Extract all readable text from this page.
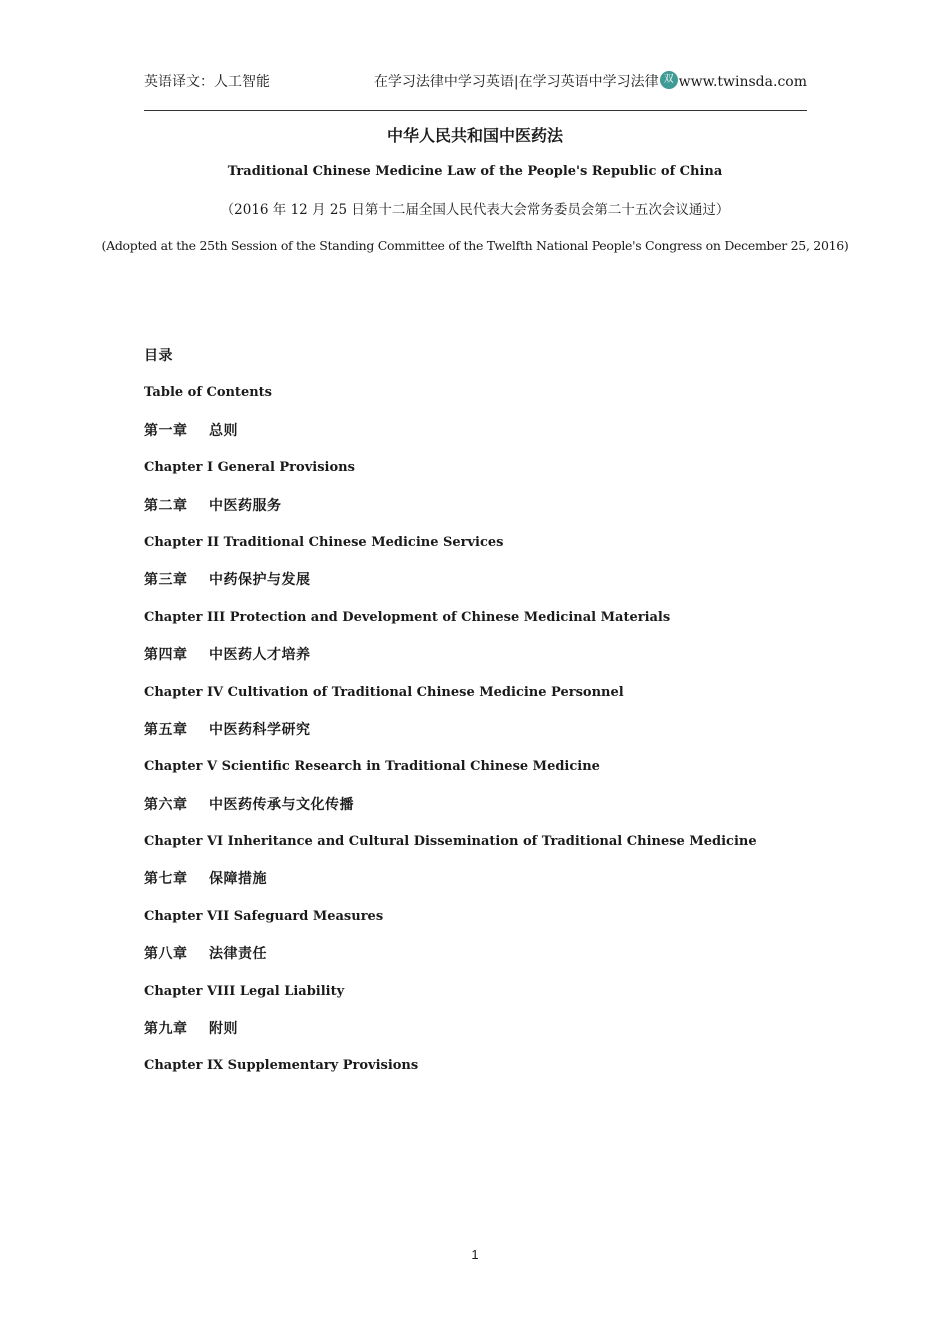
英语译文：人工智能	在学习法律中学习英语|在学习英语中学习法律 双 www.twinsda.com
中华人民共和国中医药法
Traditional Chinese Medicine Law of the People's Republic of China
（2016 年 12 月 25 日第十二届全国人民代表大会常务委员会第二十五次会议通过）
(Adopted at the 25th Session of the Standing Committee of the Twelfth National People's Congress on December 25, 2016)
目录
Table of Contents
第一章    总则
Chapter I General Provisions
第二章    中医药服务
Chapter II Traditional Chinese Medicine Services
第三章    中药保护与发展
Chapter III Protection and Development of Chinese Medicinal Materials
第四章    中医药人才培养
Chapter IV Cultivation of Traditional Chinese Medicine Personnel
第五章    中医药科学研究
Chapter V Scientific Research in Traditional Chinese Medicine
第六章    中医药传承与文化传播
Chapter VI Inheritance and Cultural Dissemination of Traditional Chinese Medicine
第七章    保障措施
Chapter VII Safeguard Measures
第八章    法律责任
Chapter VIII Legal Liability
第九章    附则
Chapter IX Supplementary Provisions
1
